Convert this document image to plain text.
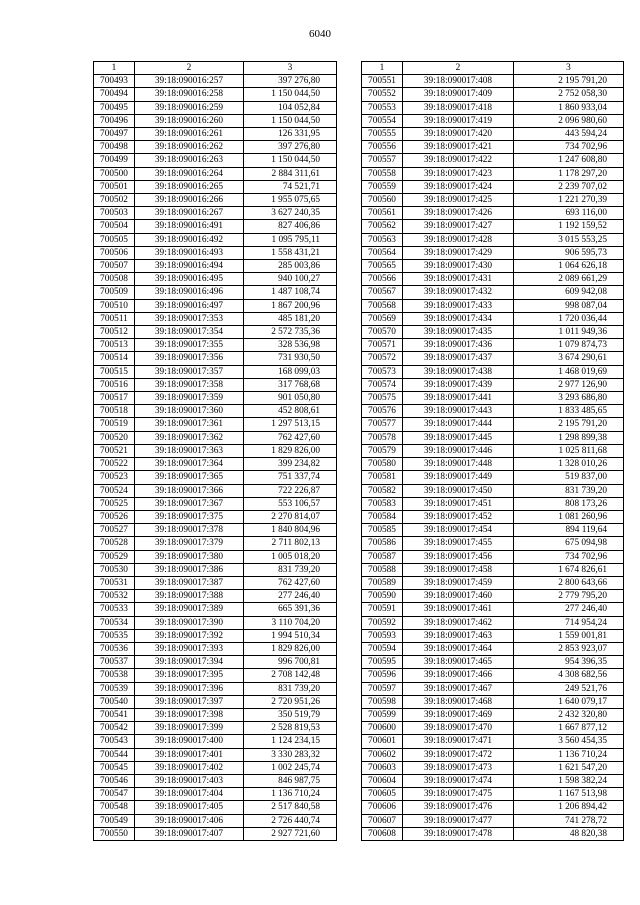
6040
1	2	3
700493	39:18:090016:257	397 276,80
700494	39:18:090016:258	1 150 044,50
700495	39:18:090016:259	104 052,84
700496	39:18:090016:260	1 150 044,50
700497	39:18:090016:261	126 331,95
700498	39:18:090016:262	397 276,80
700499	39:18:090016:263	1 150 044,50
700500	39:18:090016:264	2 884 311,61
700501	39:18:090016:265	74 521,71
700502	39:18:090016:266	1 955 075,65
700503	39:18:090016:267	3 627 240,35
700504	39:18:090016:491	827 406,86
700505	39:18:090016:492	1 095 795,11
700506	39:18:090016:493	1 558 431,21
700507	39:18:090016:494	285 003,86
700508	39:18:090016:495	940 100,27
700509	39:18:090016:496	1 487 108,74
700510	39:18:090016:497	1 867 200,96
700511	39:18:090017:353	485 181,20
700512	39:18:090017:354	2 572 735,36
700513	39:18:090017:355	328 536,98
700514	39:18:090017:356	731 930,50
700515	39:18:090017:357	168 099,03
700516	39:18:090017:358	317 768,68
700517	39:18:090017:359	901 050,80
700518	39:18:090017:360	452 808,61
700519	39:18:090017:361	1 297 513,15
700520	39:18:090017:362	762 427,60
700521	39:18:090017:363	1 829 826,00
700522	39:18:090017:364	399 234,82
700523	39:18:090017:365	751 337,74
700524	39:18:090017:366	722 226,87
700525	39:18:090017:367	553 106,57
700526	39:18:090017:375	2 270 814,07
700527	39:18:090017:378	1 840 804,96
700528	39:18:090017:379	2 711 802,13
700529	39:18:090017:380	1 005 018,20
700530	39:18:090017:386	831 739,20
700531	39:18:090017:387	762 427,60
700532	39:18:090017:388	277 246,40
700533	39:18:090017:389	665 391,36
700534	39:18:090017:390	3 110 704,20
700535	39:18:090017:392	1 994 510,34
700536	39:18:090017:393	1 829 826,00
700537	39:18:090017:394	996 700,81
700538	39:18:090017:395	2 708 142,48
700539	39:18:090017:396	831 739,20
700540	39:18:090017:397	2 720 951,26
700541	39:18:090017:398	350 519,79
700542	39:18:090017:399	2 528 819,53
700543	39:18:090017:400	1 124 234,15
700544	39:18:090017:401	3 330 283,32
700545	39:18:090017:402	1 002 245,74
700546	39:18:090017:403	846 987,75
700547	39:18:090017:404	1 136 710,24
700548	39:18:090017:405	2 517 840,58
700549	39:18:090017:406	2 726 440,74
700550	39:18:090017:407	2 927 721,60
1	2	3
700551	39:18:090017:408	2 195 791,20
700552	39:18:090017:409	2 752 058,30
700553	39:18:090017:418	1 860 933,04
700554	39:18:090017:419	2 096 980,60
700555	39:18:090017:420	443 594,24
700556	39:18:090017:421	734 702,96
700557	39:18:090017:422	1 247 608,80
700558	39:18:090017:423	1 178 297,20
700559	39:18:090017:424	2 239 707,02
700560	39:18:090017:425	1 221 270,39
700561	39:18:090017:426	693 116,00
700562	39:18:090017:427	1 192 159,52
700563	39:18:090017:428	3 015 553,25
700564	39:18:090017:429	906 595,73
700565	39:18:090017:430	1 064 626,18
700566	39:18:090017:431	2 089 661,29
700567	39:18:090017:432	609 942,08
700568	39:18:090017:433	998 087,04
700569	39:18:090017:434	1 720 036,44
700570	39:18:090017:435	1 011 949,36
700571	39:18:090017:436	1 079 874,73
700572	39:18:090017:437	3 674 290,61
700573	39:18:090017:438	1 468 019,69
700574	39:18:090017:439	2 977 126,90
700575	39:18:090017:441	3 293 686,80
700576	39:18:090017:443	1 833 485,65
700577	39:18:090017:444	2 195 791,20
700578	39:18:090017:445	1 298 899,38
700579	39:18:090017:446	1 025 811,68
700580	39:18:090017:448	1 328 010,26
700581	39:18:090017:449	519 837,00
700582	39:18:090017:450	831 739,20
700583	39:18:090017:451	808 173,26
700584	39:18:090017:452	1 081 260,96
700585	39:18:090017:454	894 119,64
700586	39:18:090017:455	675 094,98
700587	39:18:090017:456	734 702,96
700588	39:18:090017:458	1 674 826,61
700589	39:18:090017:459	2 800 643,66
700590	39:18:090017:460	2 779 795,20
700591	39:18:090017:461	277 246,40
700592	39:18:090017:462	714 954,24
700593	39:18:090017:463	1 559 001,81
700594	39:18:090017:464	2 853 923,07
700595	39:18:090017:465	954 396,35
700596	39:18:090017:466	4 308 682,56
700597	39:18:090017:467	249 521,76
700598	39:18:090017:468	1 640 079,17
700599	39:18:090017:469	2 432 320,80
700600	39:18:090017:470	1 667 877,12
700601	39:18:090017:471	3 560 454,35
700602	39:18:090017:472	1 136 710,24
700603	39:18:090017:473	1 621 547,20
700604	39:18:090017:474	1 598 382,24
700605	39:18:090017:475	1 167 513,98
700606	39:18:090017:476	1 206 894,42
700607	39:18:090017:477	741 278,72
700608	39:18:090017:478	48 820,38
